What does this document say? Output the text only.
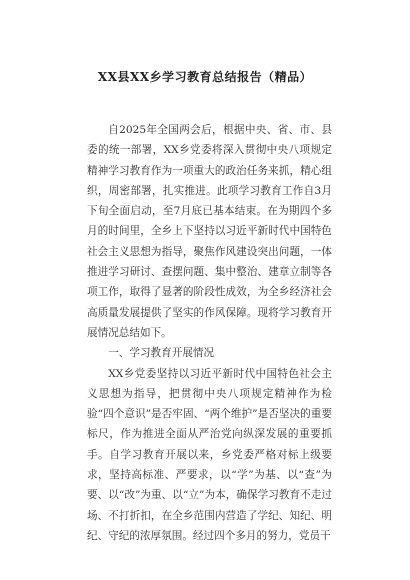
XX县XX乡学习教育总结报告（精品）

自2025年全国两会后，根据中央、省、市、县委的统一部署，XX乡党委将深入贯彻中央八项规定精神学习教育作为一项重大的政治任务来抓，精心组织，周密部署，扎实推进。此项学习教育工作自3月下旬全面启动，至7月底已基本结束。在为期四个多月的时间里，全乡上下坚持以习近平新时代中国特色社会主义思想为指导，聚焦作风建设突出问题，一体推进学习研讨、查摆问题、集中整治、建章立制等各项工作，取得了显著的阶段性成效，为全乡经济社会高质量发展提供了坚实的作风保障。现将学习教育开展情况总结如下。

一、学习教育开展情况

XX乡党委坚持以习近平新时代中国特色社会主义思想为指导，把贯彻中央八项规定精神作为检验“四个意识”是否牢固、“两个维护”是否坚决的重要标尺，作为推进全面从严治党向纵深发展的重要抓手。自学习教育开展以来，乡党委严格对标上级要求，坚持高标准、严要求，以“学”为基、以“查”为要、以“改”为重、以“立”为本，确保学习教育不走过场、不打折扣，在全乡范围内营造了学纪、知纪、明纪、守纪的浓厚氛围。经过四个多月的努力，党员干
